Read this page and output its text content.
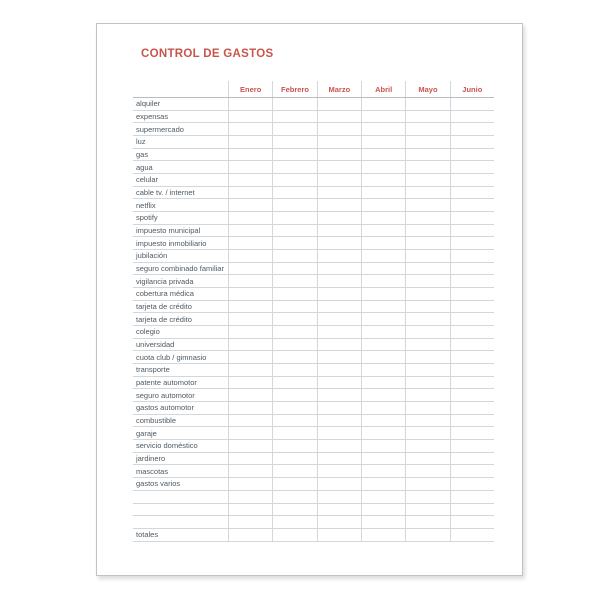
CONTROL DE GASTOS
Enero	Febrero	Marzo	Abril	Mayo	Junio
alquiler
expensas
supermercado
luz
gas
agua
celular
cable tv. / internet
netflix
spotify
impuesto municipal
impuesto inmobiliario
jubilación
seguro combinado familiar
vigilancia privada
cobertura médica
tarjeta de crédito
tarjeta de crédito
colegio
universidad
cuota club / gimnasio
transporte
patente automotor
seguro automotor
gastos automotor
combustible
garaje
servicio doméstico
jardinero
mascotas
gastos varios
totales
